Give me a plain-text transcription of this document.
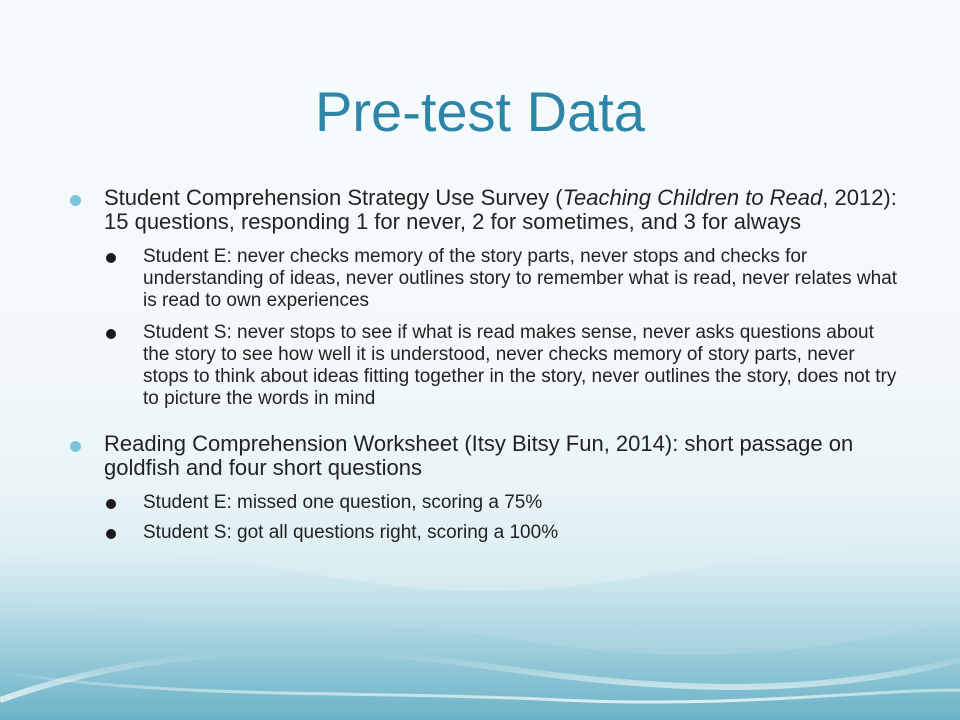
Pre-test Data
Student Comprehension Strategy Use Survey (Teaching Children to Read, 2012): 15 questions, responding 1 for never, 2 for sometimes, and 3 for always
Student E: never checks memory of the story parts, never stops and checks for understanding of ideas, never outlines story to remember what is read, never relates what is read to own experiences
Student S: never stops to see if what is read makes sense, never asks questions about the story to see how well it is understood, never checks memory of story parts, never stops to think about ideas fitting together in the story, never outlines the story, does not try to picture the words in mind
Reading Comprehension Worksheet (Itsy Bitsy Fun, 2014): short passage on goldfish and four short questions
Student E: missed one question, scoring a 75%
Student S: got all questions right, scoring a 100%
